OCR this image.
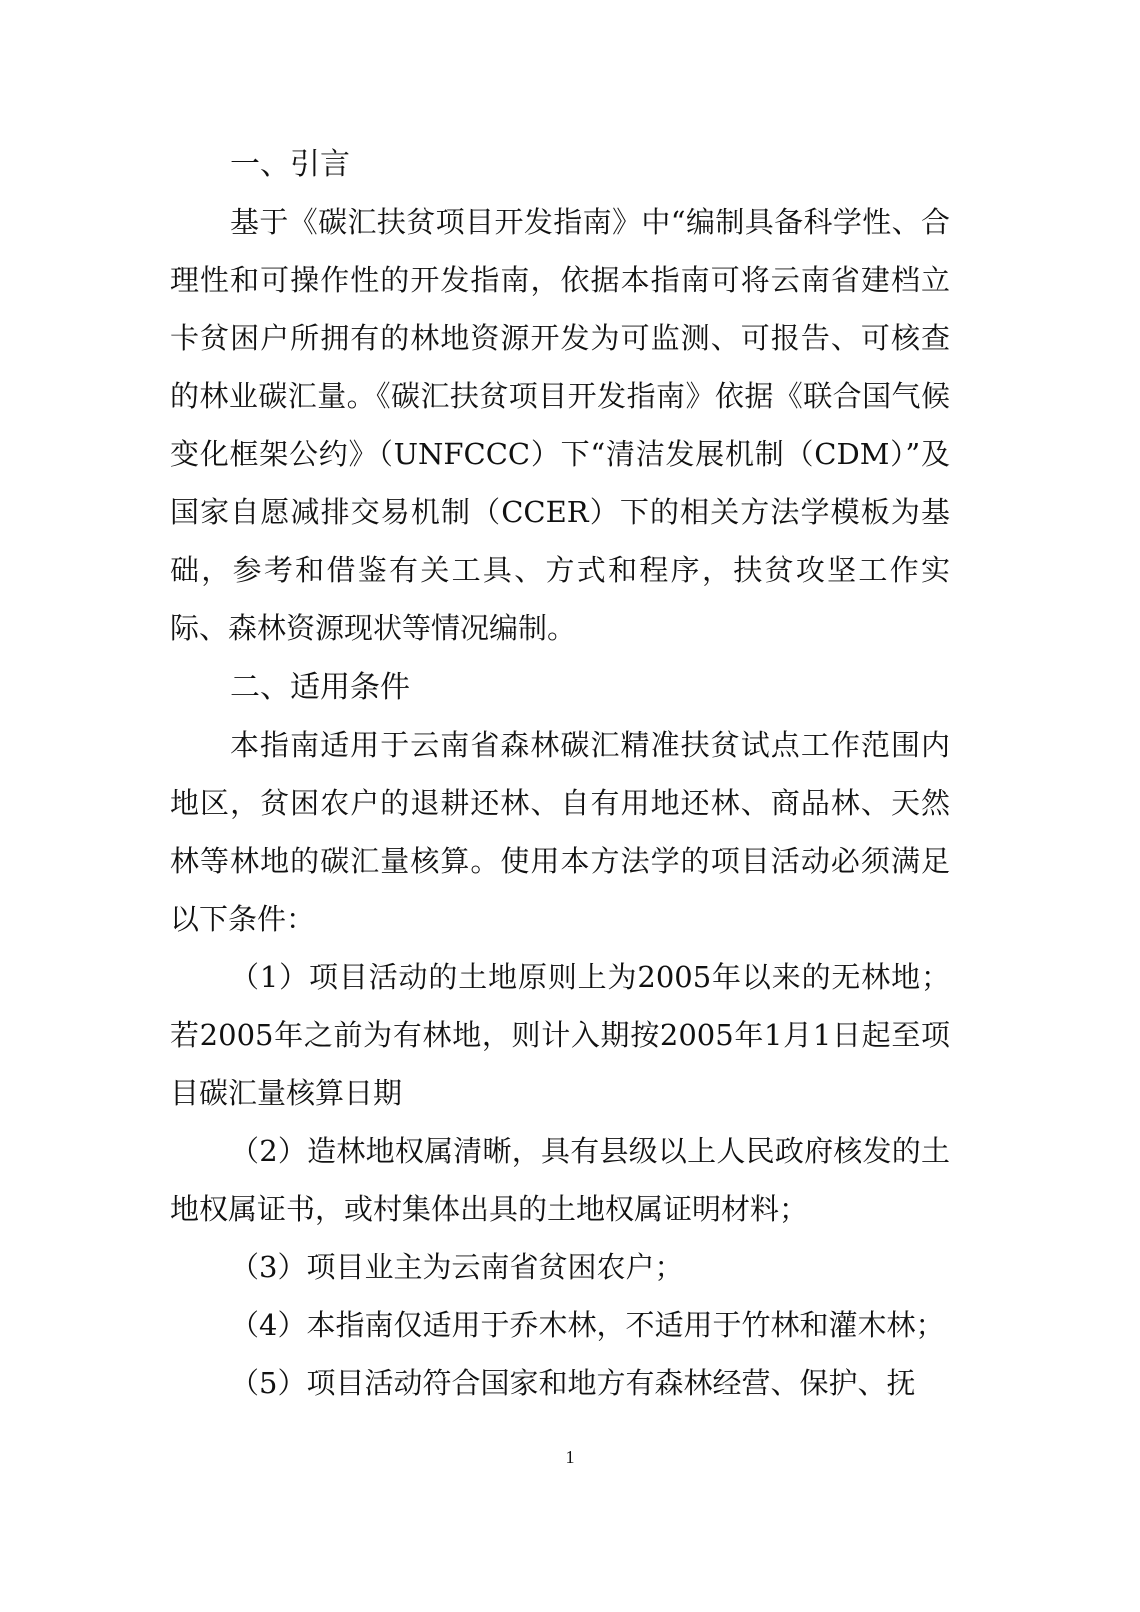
一、引言
基于《碳汇扶贫项目开发指南》中“编制具备科学性、合理性和可操作性的开发指南，依据本指南可将云南省建档立卡贫困户所拥有的林地资源开发为可监测、可报告、可核查的林业碳汇量。《碳汇扶贫项目开发指南》依据《联合国气候变化框架公约》（UNFCCC）下“清洁发展机制（CDM）”及国家自愿减排交易机制（CCER）下的相关方法学模板为基础，参考和借鉴有关工具、方式和程序，扶贫攻坚工作实际、森林资源现状等情况编制。
二、适用条件
本指南适用于云南省森林碳汇精准扶贫试点工作范围内地区，贫困农户的退耕还林、自有用地还林、商品林、天然林等林地的碳汇量核算。使用本方法学的项目活动必须满足以下条件：
（1）项目活动的土地原则上为2005年以来的无林地；若2005年之前为有林地，则计入期按2005年1月1日起至项目碳汇量核算日期
（2）造林地权属清晰，具有县级以上人民政府核发的土地权属证书，或村集体出具的土地权属证明材料；
（3）项目业主为云南省贫困农户；
（4）本指南仅适用于乔木林，不适用于竹林和灌木林；
（5）项目活动符合国家和地方有森林经营、保护、抚
1
